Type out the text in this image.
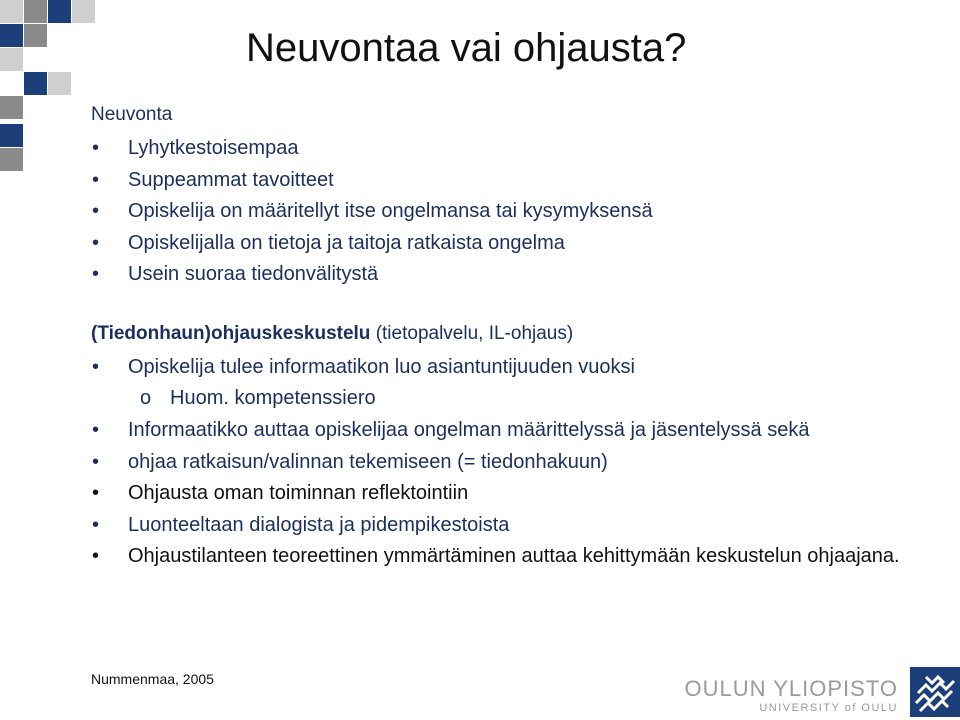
Neuvontaa vai ohjausta?
Neuvonta
• Lyhytkestoisempaa
• Suppeammat tavoitteet
• Opiskelija on määritellyt itse ongelmansa tai kysymyksensä
• Opiskelijalla on tietoja ja taitoja ratkaista ongelma
• Usein suoraa tiedonvälitystä
(Tiedonhaun)ohjauskeskustelu (tietopalvelu, IL-ohjaus)
• Opiskelija tulee informaatikon luo asiantuntijuuden vuoksi
o Huom. kompetenssiero
• Informaatikko auttaa opiskelijaa ongelman määrittelyssä ja jäsentelyssä sekä
• ohjaa ratkaisun/valinnan tekemiseen (= tiedonhakuun)
• Ohjausta oman toiminnan reflektointiin
• Luonteeltaan dialogista ja pidempikestoista
• Ohjaustilanteen teoreettinen ymmärtäminen auttaa kehittymään keskustelun ohjaajana.
Nummenmaa, 2005	OULUN YLIOPISTO
UNIVERSITY of OULU
